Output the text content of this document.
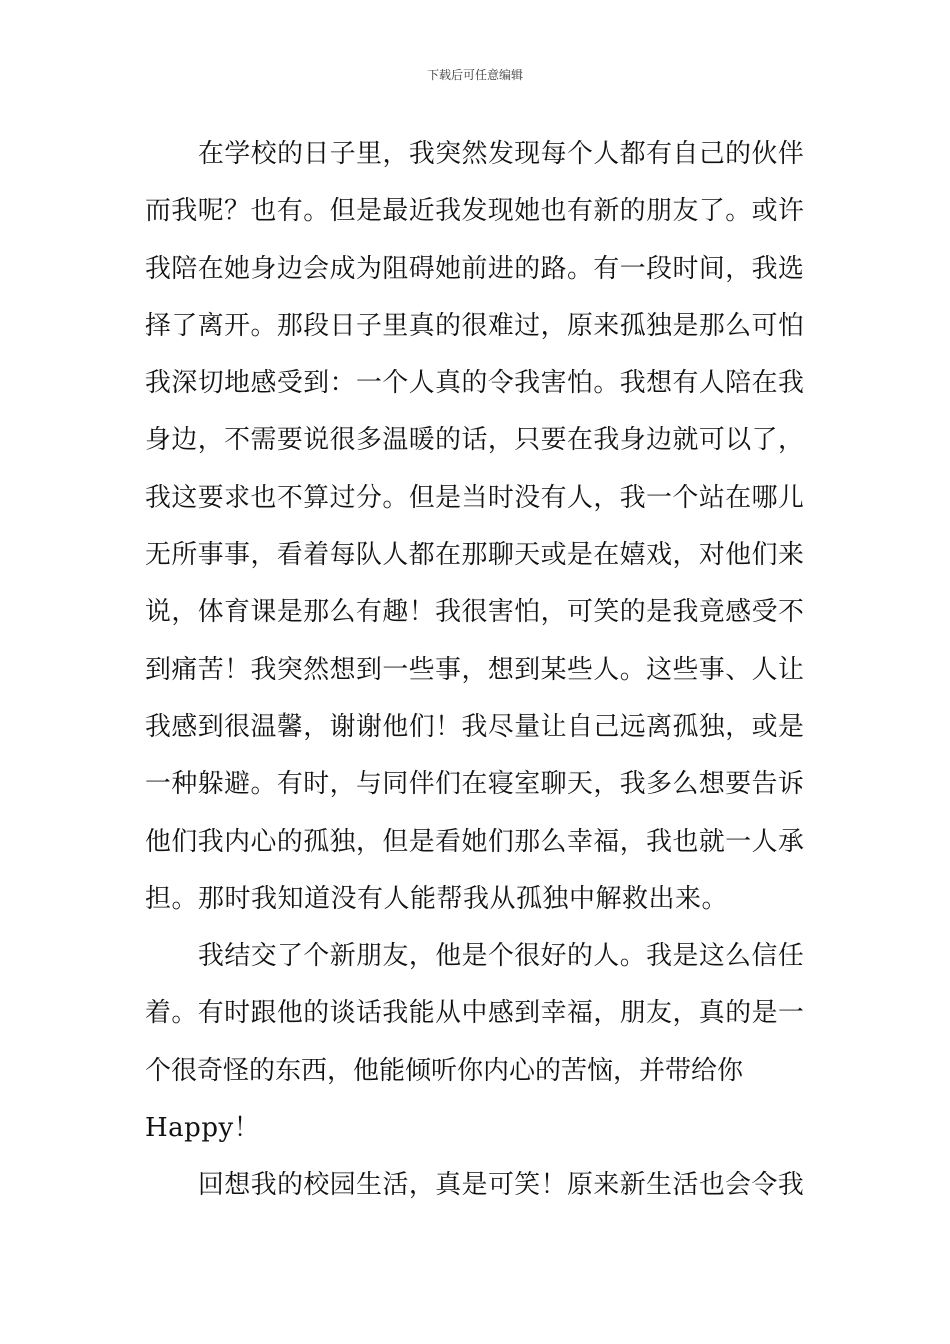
下载后可任意编辑
在学校的日子里，我突然发现每个人都有自己的伙伴
而我呢？也有。但是最近我发现她也有新的朋友了。或许
我陪在她身边会成为阻碍她前进的路。有一段时间，我选
择了离开。那段日子里真的很难过，原来孤独是那么可怕
我深切地感受到：一个人真的令我害怕。我想有人陪在我
身边，不需要说很多温暖的话，只要在我身边就可以了，
我这要求也不算过分。但是当时没有人，我一个站在哪儿
无所事事，看着每队人都在那聊天或是在嬉戏，对他们来
说，体育课是那么有趣！我很害怕，可笑的是我竟感受不
到痛苦！我突然想到一些事，想到某些人。这些事、人让
我感到很温馨，谢谢他们！我尽量让自己远离孤独，或是
一种躲避。有时，与同伴们在寝室聊天，我多么想要告诉
他们我内心的孤独，但是看她们那么幸福，我也就一人承
担。那时我知道没有人能帮我从孤独中解救出来。
我结交了个新朋友，他是个很好的人。我是这么信任
着。有时跟他的谈话我能从中感到幸福，朋友，真的是一
个很奇怪的东西，他能倾听你内心的苦恼，并带给你
Happy！
回想我的校园生活，真是可笑！原来新生活也会令我
